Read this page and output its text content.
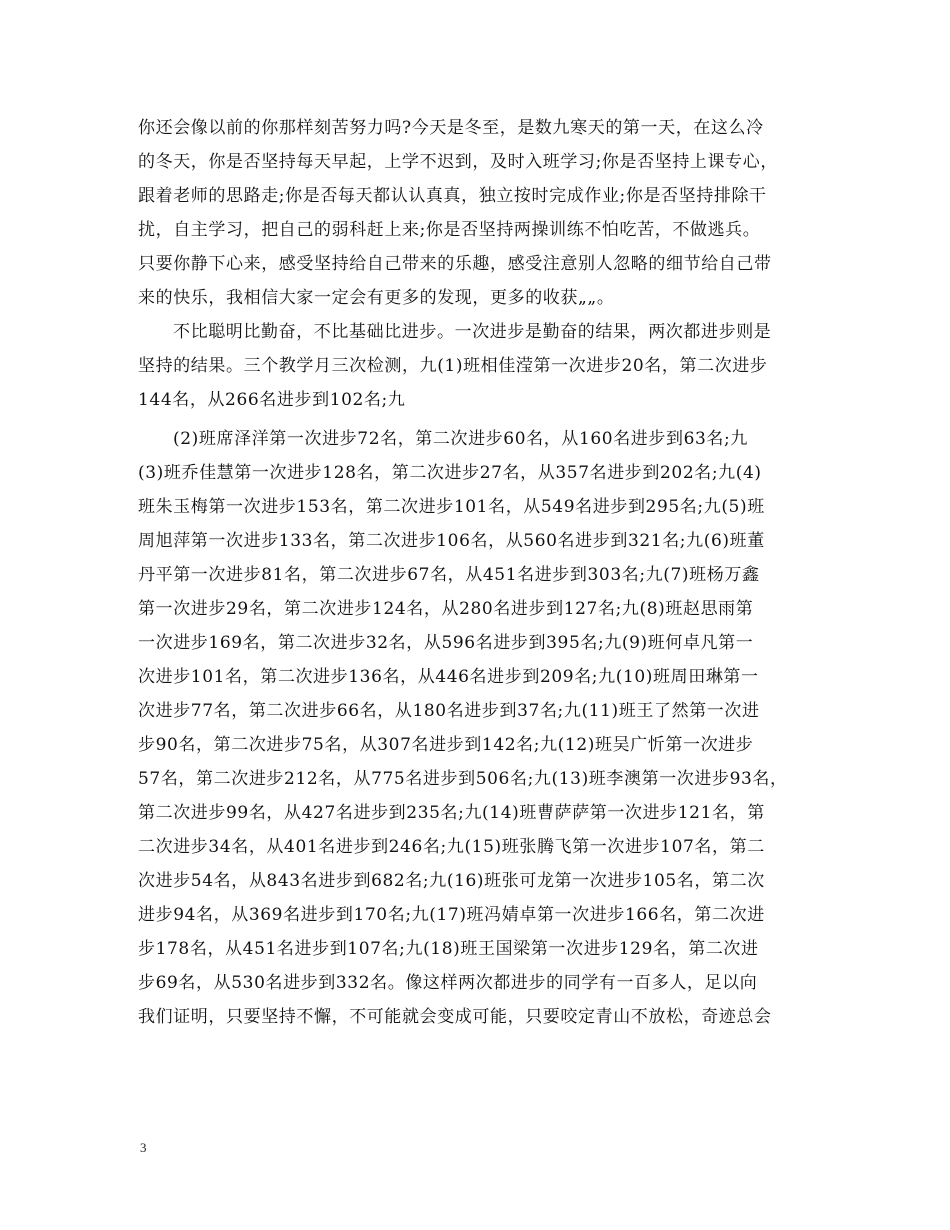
你还会像以前的你那样刻苦努力吗?今天是冬至，是数九寒天的第一天，在这么冷
的冬天，你是否坚持每天早起，上学不迟到，及时入班学习;你是否坚持上课专心，
跟着老师的思路走;你是否每天都认认真真，独立按时完成作业;你是否坚持排除干
扰，自主学习，把自己的弱科赶上来;你是否坚持两操训练不怕吃苦，不做逃兵。
只要你静下心来，感受坚持给自己带来的乐趣，感受注意别人忽略的细节给自己带
来的快乐，我相信大家一定会有更多的发现，更多的收获„„。
不比聪明比勤奋，不比基础比进步。一次进步是勤奋的结果，两次都进步则是
坚持的结果。三个教学月三次检测，九(1)班相佳滢第一次进步20名，第二次进步
144名，从266名进步到102名;九
(2)班席泽洋第一次进步72名，第二次进步60名，从160名进步到63名;九
(3)班乔佳慧第一次进步128名，第二次进步27名，从357名进步到202名;九(4)
班朱玉梅第一次进步153名，第二次进步101名，从549名进步到295名;九(5)班
周旭萍第一次进步133名，第二次进步106名，从560名进步到321名;九(6)班董
丹平第一次进步81名，第二次进步67名，从451名进步到303名;九(7)班杨万鑫
第一次进步29名，第二次进步124名，从280名进步到127名;九(8)班赵思雨第
一次进步169名，第二次进步32名，从596名进步到395名;九(9)班何卓凡第一
次进步101名，第二次进步136名，从446名进步到209名;九(10)班周田琳第一
次进步77名，第二次进步66名，从180名进步到37名;九(11)班王了然第一次进
步90名，第二次进步75名，从307名进步到142名;九(12)班吴广忻第一次进步
57名，第二次进步212名，从775名进步到506名;九(13)班李澳第一次进步93名，
第二次进步99名，从427名进步到235名;九(14)班曹萨萨第一次进步121名，第
二次进步34名，从401名进步到246名;九(15)班张腾飞第一次进步107名，第二
次进步54名，从843名进步到682名;九(16)班张可龙第一次进步105名，第二次
进步94名，从369名进步到170名;九(17)班冯婧卓第一次进步166名，第二次进
步178名，从451名进步到107名;九(18)班王国梁第一次进步129名，第二次进
步69名，从530名进步到332名。像这样两次都进步的同学有一百多人，足以向
我们证明，只要坚持不懈，不可能就会变成可能，只要咬定青山不放松，奇迹总会
3
